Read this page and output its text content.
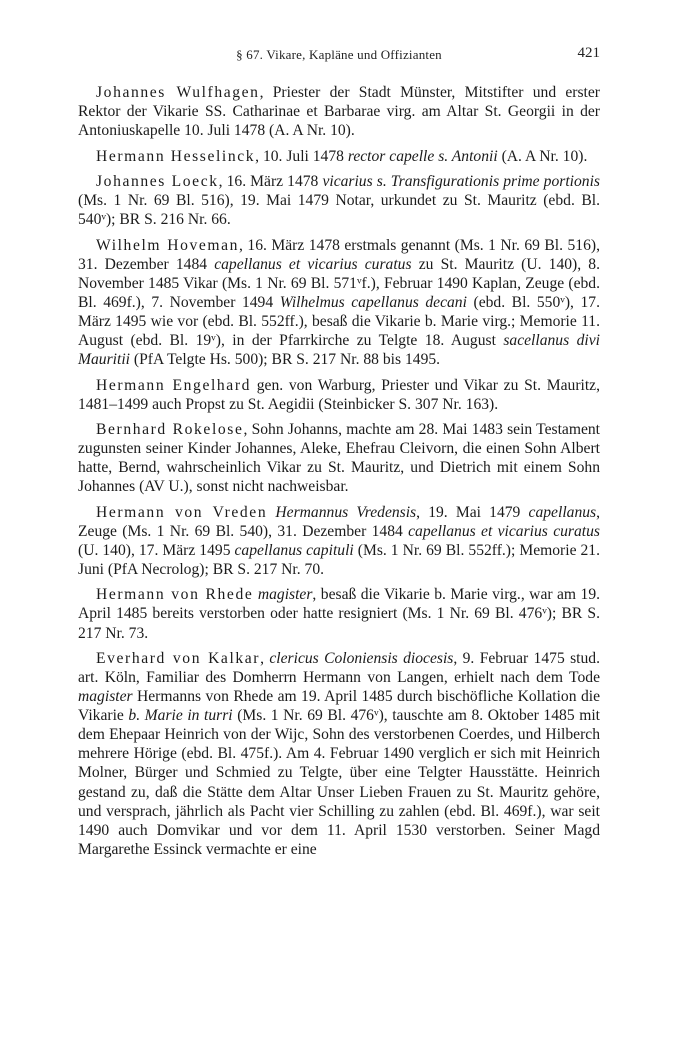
§ 67. Vikare, Kapläne und Offizianten	421

Johannes Wulfhagen, Priester der Stadt Münster, Mitstifter und erster Rektor der Vikarie SS. Catharinae et Barbarae virg. am Altar St. Georgii in der Antoniuskapelle 10. Juli 1478 (A. A Nr. 10).

Hermann Hesselinck, 10. Juli 1478 rector capelle s. Antonii (A. A Nr. 10).

Johannes Loeck, 16. März 1478 vicarius s. Transfigurationis prime portionis (Ms. 1 Nr. 69 Bl. 516), 19. Mai 1479 Notar, urkundet zu St. Mauritz (ebd. Bl. 540ᵛ); BR S. 216 Nr. 66.

Wilhelm Hoveman, 16. März 1478 erstmals genannt (Ms. 1 Nr. 69 Bl. 516), 31. Dezember 1484 capellanus et vicarius curatus zu St. Mauritz (U. 140), 8. November 1485 Vikar (Ms. 1 Nr. 69 Bl. 571ᵛf.), Februar 1490 Kaplan, Zeuge (ebd. Bl. 469f.), 7. November 1494 Wilhelmus capellanus decani (ebd. Bl. 550ᵛ), 17. März 1495 wie vor (ebd. Bl. 552ff.), besaß die Vikarie b. Marie virg.; Memorie 11. August (ebd. Bl. 19ᵛ), in der Pfarrkirche zu Telgte 18. August sacellanus divi Mauritii (PfA Telgte Hs. 500); BR S. 217 Nr. 88 bis 1495.

Hermann Engelhard gen. von Warburg, Priester und Vikar zu St. Mauritz, 1481–1499 auch Propst zu St. Aegidii (Steinbicker S. 307 Nr. 163).

Bernhard Rokelose, Sohn Johanns, machte am 28. Mai 1483 sein Testament zugunsten seiner Kinder Johannes, Aleke, Ehefrau Cleivorn, die einen Sohn Albert hatte, Bernd, wahrscheinlich Vikar zu St. Mauritz, und Dietrich mit einem Sohn Johannes (AV U.), sonst nicht nachweisbar.

Hermann von Vreden Hermannus Vredensis, 19. Mai 1479 capellanus, Zeuge (Ms. 1 Nr. 69 Bl. 540), 31. Dezember 1484 capellanus et vicarius curatus (U. 140), 17. März 1495 capellanus capituli (Ms. 1 Nr. 69 Bl. 552ff.); Memorie 21. Juni (PfA Necrolog); BR S. 217 Nr. 70.

Hermann von Rhede magister, besaß die Vikarie b. Marie virg., war am 19. April 1485 bereits verstorben oder hatte resigniert (Ms. 1 Nr. 69 Bl. 476ᵛ); BR S. 217 Nr. 73.

Everhard von Kalkar, clericus Coloniensis diocesis, 9. Februar 1475 stud. art. Köln, Familiar des Domherrn Hermann von Langen, erhielt nach dem Tode magister Hermanns von Rhede am 19. April 1485 durch bischöfliche Kollation die Vikarie b. Marie in turri (Ms. 1 Nr. 69 Bl. 476ᵛ), tauschte am 8. Oktober 1485 mit dem Ehepaar Heinrich von der Wijc, Sohn des verstorbenen Coerdes, und Hilberch mehrere Hörige (ebd. Bl. 475f.). Am 4. Februar 1490 verglich er sich mit Heinrich Molner, Bürger und Schmied zu Telgte, über eine Telgter Hausstätte. Heinrich gestand zu, daß die Stätte dem Altar Unser Lieben Frauen zu St. Mauritz gehöre, und versprach, jährlich als Pacht vier Schilling zu zahlen (ebd. Bl. 469f.), war seit 1490 auch Domvikar und vor dem 11. April 1530 verstorben. Seiner Magd Margarethe Essinck vermachte er eine
